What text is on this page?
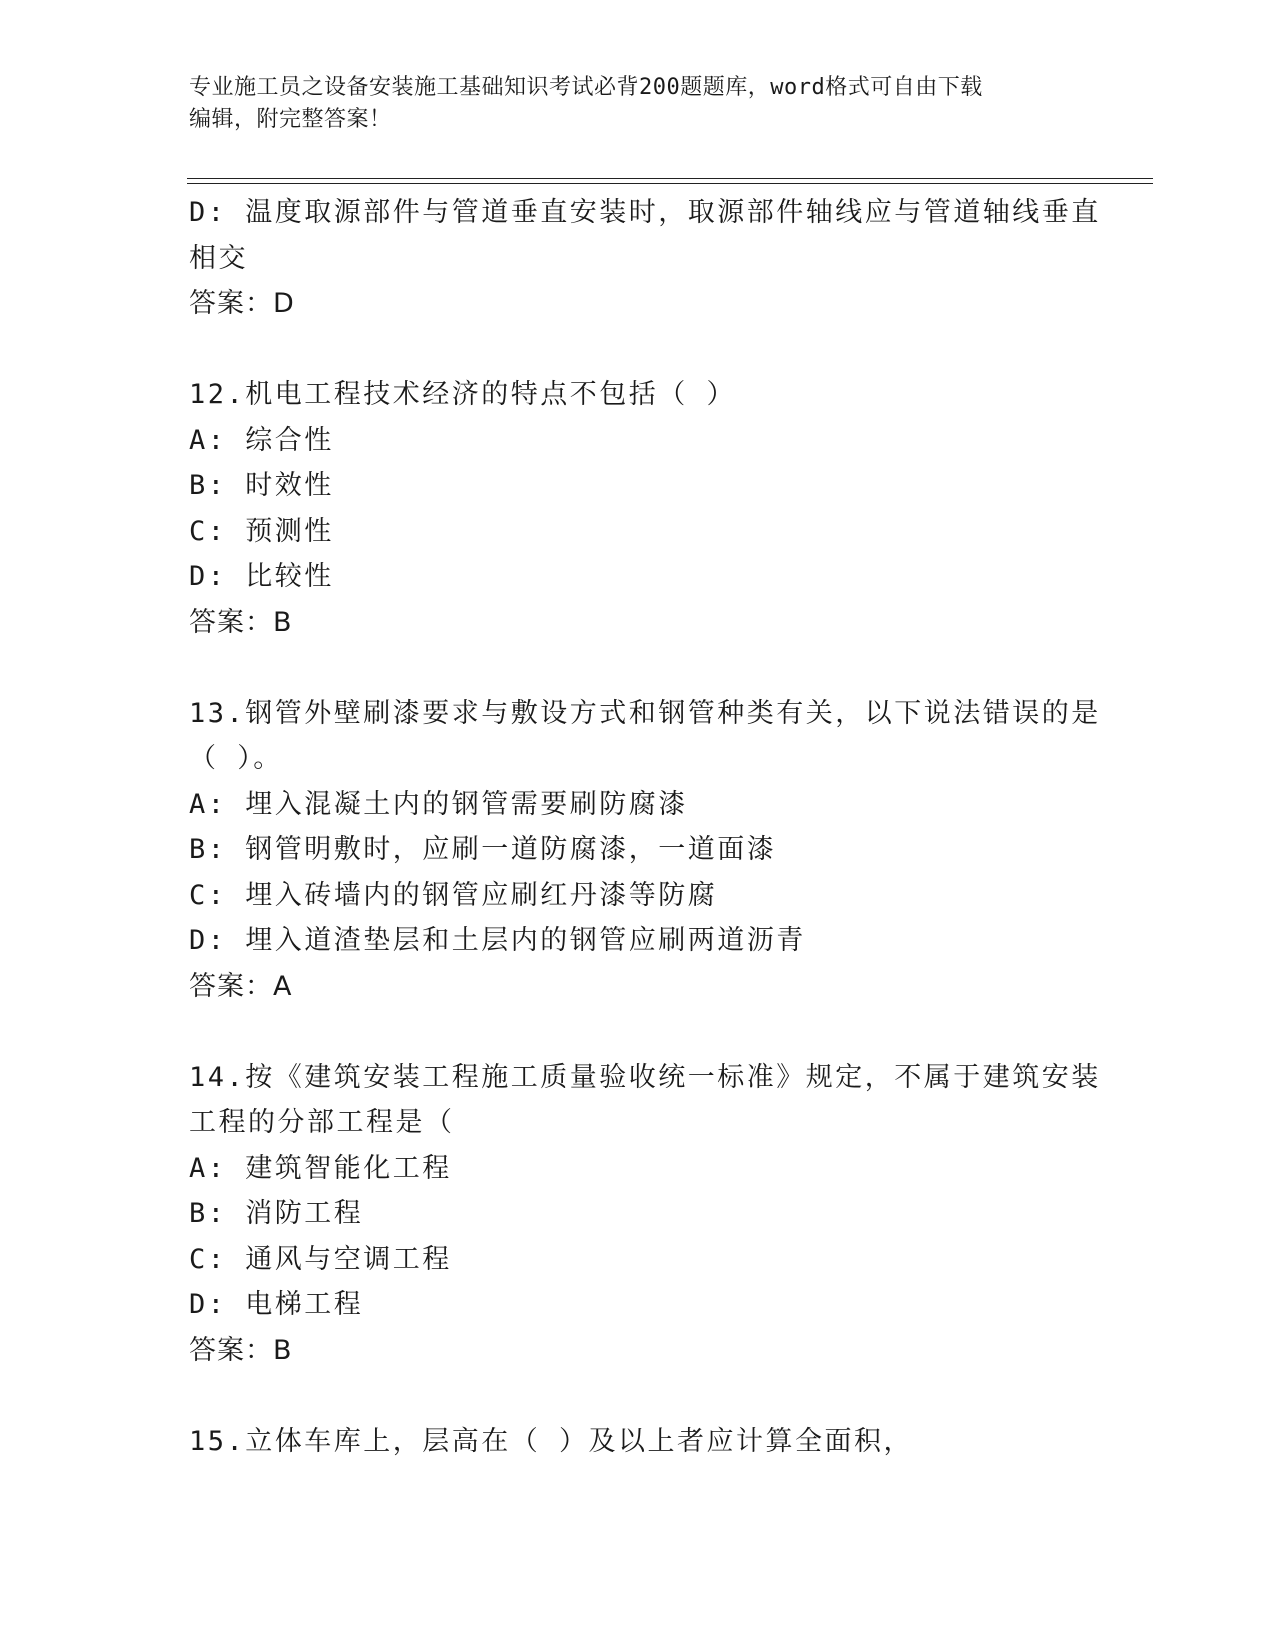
专业施工员之设备安装施工基础知识考试必背200题题库，word格式可自由下载
编辑，附完整答案！
D: 温度取源部件与管道垂直安装时，取源部件轴线应与管道轴线垂直
相交
答案：D
12.机电工程技术经济的特点不包括（ ）
A: 综合性
B: 时效性
C: 预测性
D: 比较性
答案：B
13.钢管外壁刷漆要求与敷设方式和钢管种类有关，以下说法错误的是
（ ）。
A: 埋入混凝土内的钢管需要刷防腐漆
B: 钢管明敷时，应刷一道防腐漆，一道面漆
C: 埋入砖墙内的钢管应刷红丹漆等防腐
D: 埋入道渣垫层和土层内的钢管应刷两道沥青
答案：A
14.按《建筑安装工程施工质量验收统一标准》规定，不属于建筑安装
工程的分部工程是（
A: 建筑智能化工程
B: 消防工程
C: 通风与空调工程
D: 电梯工程
答案：B
15.立体车库上，层高在（ ）及以上者应计算全面积，
